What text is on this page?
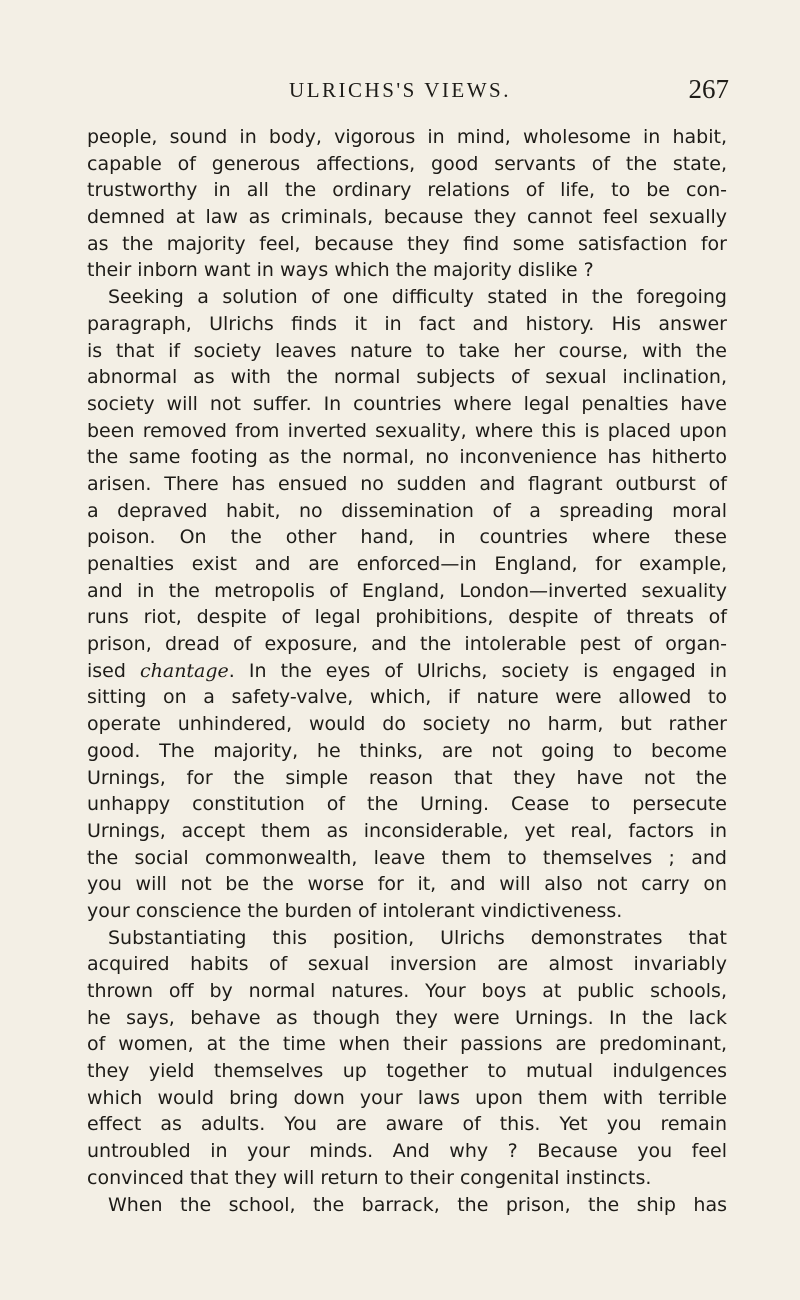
ULRICHS'S VIEWS.	267
people, sound in body, vigorous in mind, wholesome in habit,
capable of generous affections, good servants of the state,
trustworthy in all the ordinary relations of life, to be con-
demned at law as criminals, because they cannot feel sexually
as the majority feel, because they find some satisfaction for
their inborn want in ways which the majority dislike ?
Seeking a solution of one difficulty stated in the foregoing
paragraph, Ulrichs finds it in fact and history. His answer
is that if society leaves nature to take her course, with the
abnormal as with the normal subjects of sexual inclination,
society will not suffer. In countries where legal penalties have
been removed from inverted sexuality, where this is placed upon
the same footing as the normal, no inconvenience has hitherto
arisen. There has ensued no sudden and flagrant outburst of
a depraved habit, no dissemination of a spreading moral
poison. On the other hand, in countries where these
penalties exist and are enforced—in England, for example,
and in the metropolis of England, London—inverted sexuality
runs riot, despite of legal prohibitions, despite of threats of
prison, dread of exposure, and the intolerable pest of organ-
ised chantage. In the eyes of Ulrichs, society is engaged in
sitting on a safety-valve, which, if nature were allowed to
operate unhindered, would do society no harm, but rather
good. The majority, he thinks, are not going to become
Urnings, for the simple reason that they have not the
unhappy constitution of the Urning. Cease to persecute
Urnings, accept them as inconsiderable, yet real, factors in
the social commonwealth, leave them to themselves ; and
you will not be the worse for it, and will also not carry on
your conscience the burden of intolerant vindictiveness.
Substantiating this position, Ulrichs demonstrates that
acquired habits of sexual inversion are almost invariably
thrown off by normal natures. Your boys at public schools,
he says, behave as though they were Urnings. In the lack
of women, at the time when their passions are predominant,
they yield themselves up together to mutual indulgences
which would bring down your laws upon them with terrible
effect as adults. You are aware of this. Yet you remain
untroubled in your minds. And why ? Because you feel
convinced that they will return to their congenital instincts.
When the school, the barrack, the prison, the ship has
